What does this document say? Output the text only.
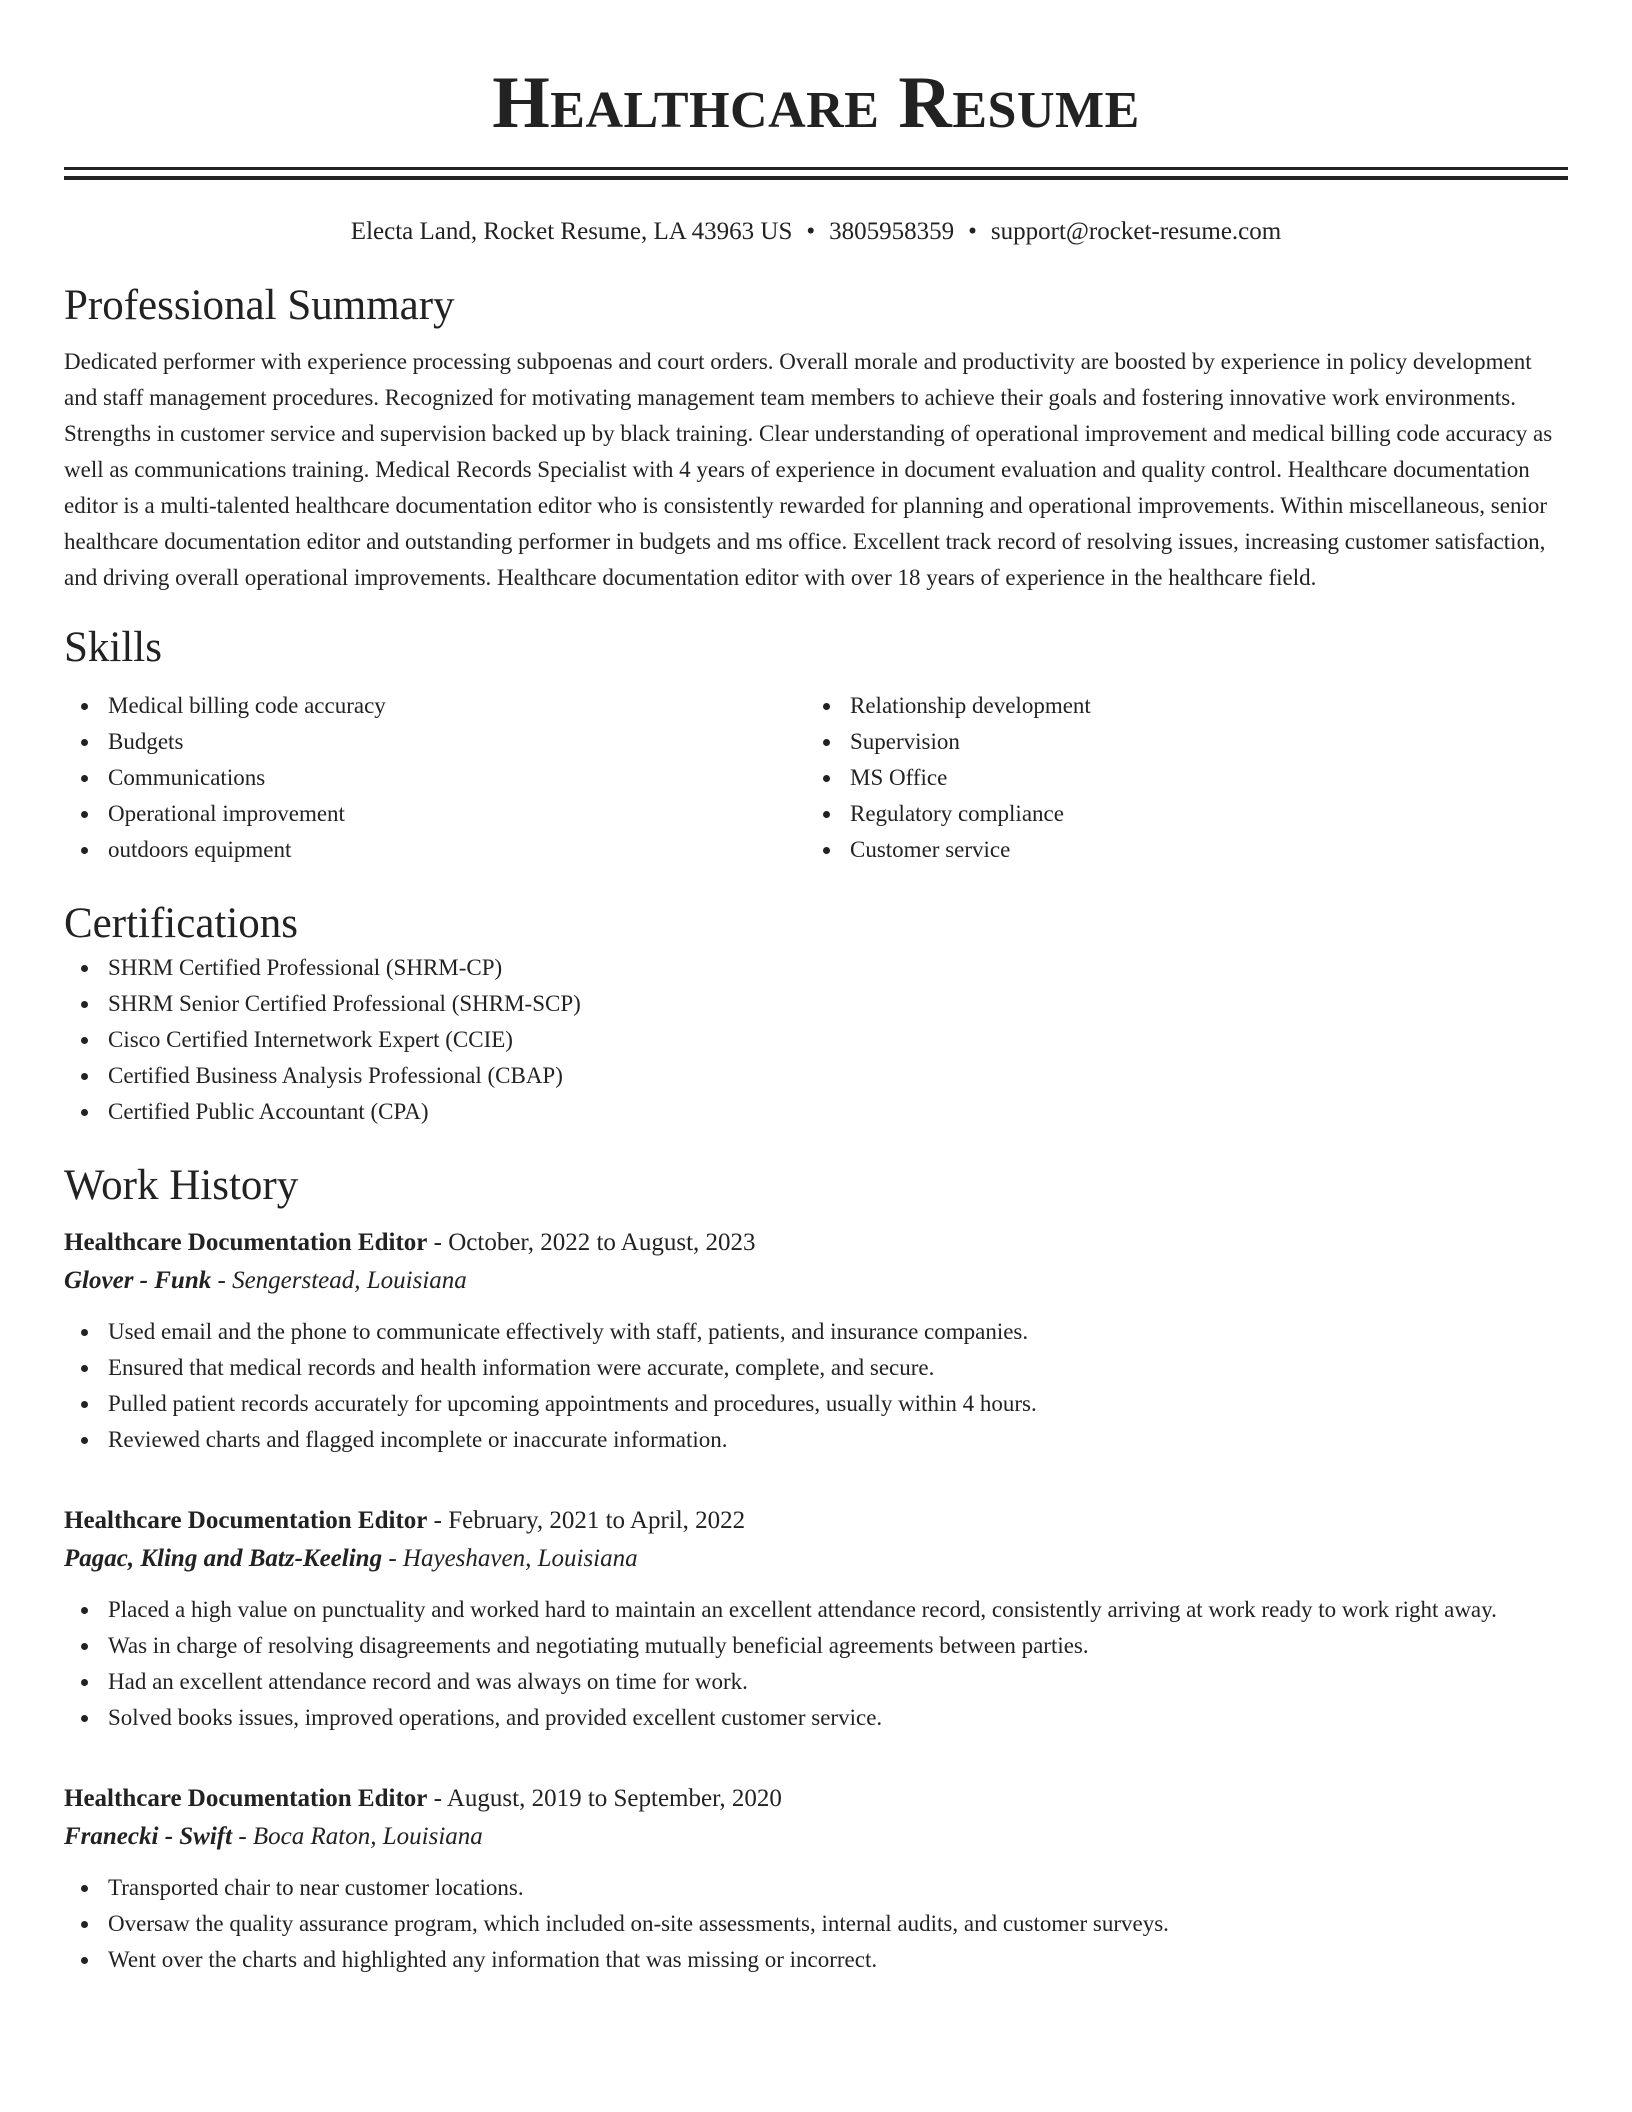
Healthcare Resume
Electa Land, Rocket Resume, LA 43963 US • 3805958359 • support@rocket-resume.com
Professional Summary

Dedicated performer with experience processing subpoenas and court orders. Overall morale and productivity are boosted by experience in policy development and staff management procedures. Recognized for motivating management team members to achieve their goals and fostering innovative work environments. Strengths in customer service and supervision backed up by black training. Clear understanding of operational improvement and medical billing code accuracy as well as communications training. Medical Records Specialist with 4 years of experience in document evaluation and quality control. Healthcare documentation editor is a multi-talented healthcare documentation editor who is consistently rewarded for planning and operational improvements. Within miscellaneous, senior healthcare documentation editor and outstanding performer in budgets and ms office. Excellent track record of resolving issues, increasing customer satisfaction, and driving overall operational improvements. Healthcare documentation editor with over 18 years of experience in the healthcare field.

Skills
Medical billing code accuracy
Budgets
Communications
Operational improvement
outdoors equipment
Relationship development
Supervision
MS Office
Regulatory compliance
Customer service
Certifications
SHRM Certified Professional (SHRM-CP)
SHRM Senior Certified Professional (SHRM-SCP)
Cisco Certified Internetwork Expert (CCIE)
Certified Business Analysis Professional (CBAP)
Certified Public Accountant (CPA)
Work History
Healthcare Documentation Editor - October, 2022 to August, 2023
Glover - Funk - Sengerstead, Louisiana
Used email and the phone to communicate effectively with staff, patients, and insurance companies.
Ensured that medical records and health information were accurate, complete, and secure.
Pulled patient records accurately for upcoming appointments and procedures, usually within 4 hours.
Reviewed charts and flagged incomplete or inaccurate information.
Healthcare Documentation Editor - February, 2021 to April, 2022
Pagac, Kling and Batz-Keeling - Hayeshaven, Louisiana
Placed a high value on punctuality and worked hard to maintain an excellent attendance record, consistently arriving at work ready to work right away.
Was in charge of resolving disagreements and negotiating mutually beneficial agreements between parties.
Had an excellent attendance record and was always on time for work.
Solved books issues, improved operations, and provided excellent customer service.
Healthcare Documentation Editor - August, 2019 to September, 2020
Franecki - Swift - Boca Raton, Louisiana
Transported chair to near customer locations.
Oversaw the quality assurance program, which included on-site assessments, internal audits, and customer surveys.
Went over the charts and highlighted any information that was missing or incorrect.
